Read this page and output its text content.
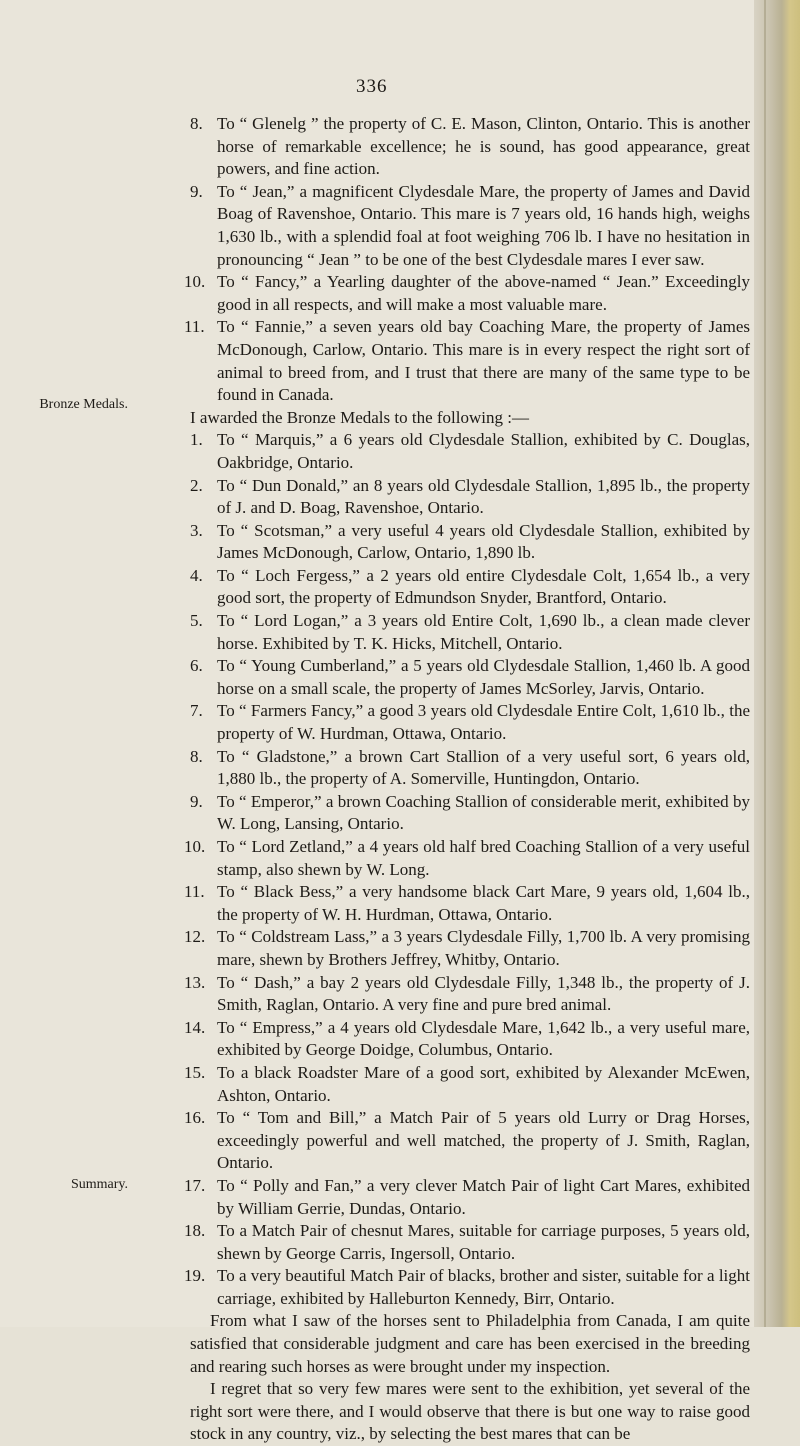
336
Bronze Medals.
Summary.

8. To “ Glenelg ” the property of C. E. Mason, Clinton, Ontario. This is another horse of remarkable excellence; he is sound, has good appearance, great powers, and fine action.

9. To “ Jean,” a magnificent Clydesdale Mare, the property of James and David Boag of Ravenshoe, Ontario. This mare is 7 years old, 16 hands high, weighs 1,630 lb., with a splendid foal at foot weighing 706 lb. I have no hesitation in pronouncing “ Jean ” to be one of the best Clydesdale mares I ever saw.

10. To “ Fancy,” a Yearling daughter of the above-named “ Jean.” Exceedingly good in all respects, and will make a most valuable mare.

11. To “ Fannie,” a seven years old bay Coaching Mare, the property of James McDonough, Carlow, Ontario. This mare is in every respect the right sort of animal to breed from, and I trust that there are many of the same type to be found in Canada.

I awarded the Bronze Medals to the following :—

1. To “ Marquis,” a 6 years old Clydesdale Stallion, exhibited by C. Douglas, Oakbridge, Ontario.

2. To “ Dun Donald,” an 8 years old Clydesdale Stallion, 1,895 lb., the property of J. and D. Boag, Ravenshoe, Ontario.

3. To “ Scotsman,” a very useful 4 years old Clydesdale Stallion, exhibited by James McDonough, Carlow, Ontario, 1,890 lb.

4. To “ Loch Fergess,” a 2 years old entire Clydesdale Colt, 1,654 lb., a very good sort, the property of Edmundson Snyder, Brantford, Ontario.

5. To “ Lord Logan,” a 3 years old Entire Colt, 1,690 lb., a clean made clever horse. Exhibited by T. K. Hicks, Mitchell, Ontario.

6. To “ Young Cumberland,” a 5 years old Clydesdale Stallion, 1,460 lb. A good horse on a small scale, the property of James McSorley, Jarvis, Ontario.

7. To “ Farmers Fancy,” a good 3 years old Clydesdale Entire Colt, 1,610 lb., the property of W. Hurdman, Ottawa, Ontario.

8. To “ Gladstone,” a brown Cart Stallion of a very useful sort, 6 years old, 1,880 lb., the property of A. Somerville, Huntingdon, Ontario.

9. To “ Emperor,” a brown Coaching Stallion of considerable merit, exhibited by W. Long, Lansing, Ontario.

10. To “ Lord Zetland,” a 4 years old half bred Coaching Stallion of a very useful stamp, also shewn by W. Long.

11. To “ Black Bess,” a very handsome black Cart Mare, 9 years old, 1,604 lb., the property of W. H. Hurdman, Ottawa, Ontario.

12. To “ Coldstream Lass,” a 3 years Clydesdale Filly, 1,700 lb. A very promising mare, shewn by Brothers Jeffrey, Whitby, Ontario.

13. To “ Dash,” a bay 2 years old Clydesdale Filly, 1,348 lb., the property of J. Smith, Raglan, Ontario. A very fine and pure bred animal.

14. To “ Empress,” a 4 years old Clydesdale Mare, 1,642 lb., a very useful mare, exhibited by George Doidge, Columbus, Ontario.

15. To a black Roadster Mare of a good sort, exhibited by Alexander McEwen, Ashton, Ontario.

16. To “ Tom and Bill,” a Match Pair of 5 years old Lurry or Drag Horses, exceedingly powerful and well matched, the property of J. Smith, Raglan, Ontario.

17. To “ Polly and Fan,” a very clever Match Pair of light Cart Mares, exhibited by William Gerrie, Dundas, Ontario.

18. To a Match Pair of chesnut Mares, suitable for carriage purposes, 5 years old, shewn by George Carris, Ingersoll, Ontario.

19. To a very beautiful Match Pair of blacks, brother and sister, suitable for a light carriage, exhibited by Halleburton Kennedy, Birr, Ontario.

From what I saw of the horses sent to Philadelphia from Canada, I am quite satisfied that considerable judgment and care has been exercised in the breeding and rearing such horses as were brought under my inspection.

I regret that so very few mares were sent to the exhibition, yet several of the right sort were there, and I would observe that there is but one way to raise good stock in any country, viz., by selecting the best mares that can be
